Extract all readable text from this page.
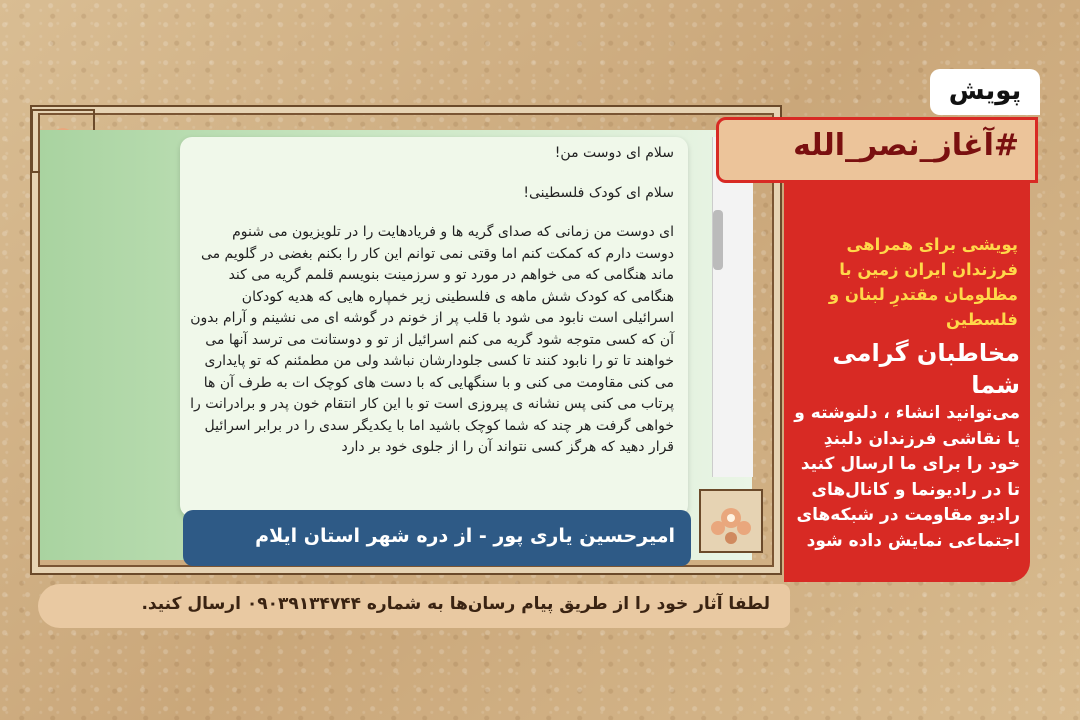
سلام ای دوست من!

سلام ای کودک فلسطینی!

ای دوست من زمانی که صدای گریه ها و فریادهایت را در تلویزیون می شنوم دوست دارم که کمکت کنم اما وقتی نمی توانم این کار را بکنم بغضی در گلویم می ماند هنگامی که می خواهم در مورد تو و سرزمینت بنویسم قلمم گریه می کند هنگامی که کودک شش ماهه ی فلسطینی زیر خمپاره هایی که هدیه کودکان اسرائیلی است نابود می شود با قلب پر از خونم در گوشه ای می نشینم و آرام بدون آن که کسی متوجه شود گریه می کنم اسرائیل از تو و دوستانت می ترسد آنها می خواهند تا تو را نابود کنند تا کسی جلودارشان نباشد ولی من مطمئنم که تو پایداری می کنی مقاومت می کنی و با سنگهایی که با دست های کوچک ات به طرف آن ها پرتاب می کنی پس نشانه ی پیروزی است تو با این کار انتقام خون پدر و برادرانت را خواهی گرفت هر چند که شما کوچک باشید اما با یکدیگر سدی را در برابر اسرائیل قرار دهید که هرگز کسی نتواند آن را از جلوی خود بر دارد

امیرحسین یاری پور - از دره شهر استان ایلام
لطفا آثار خود را از طریق پیام رسان‌ها به شماره ۰۹۰۳۹۱۳۴۷۴۴ ارسال کنید.
#آغاز_نصر_الله
پویش
پویشی برای همراهی فرزندان ایران زمین با مظلومان مقتدرِ لبنان و فلسطین
مخاطبان گرامی شما
می‌توانید انشاء ، دلنوشته و یا نقاشی فرزندان دلبندِ خود را برای ما ارسال کنید تا در رادیونما و کانال‌های رادیو مقاومت در شبکه‌های اجتماعی نمایش داده شود
